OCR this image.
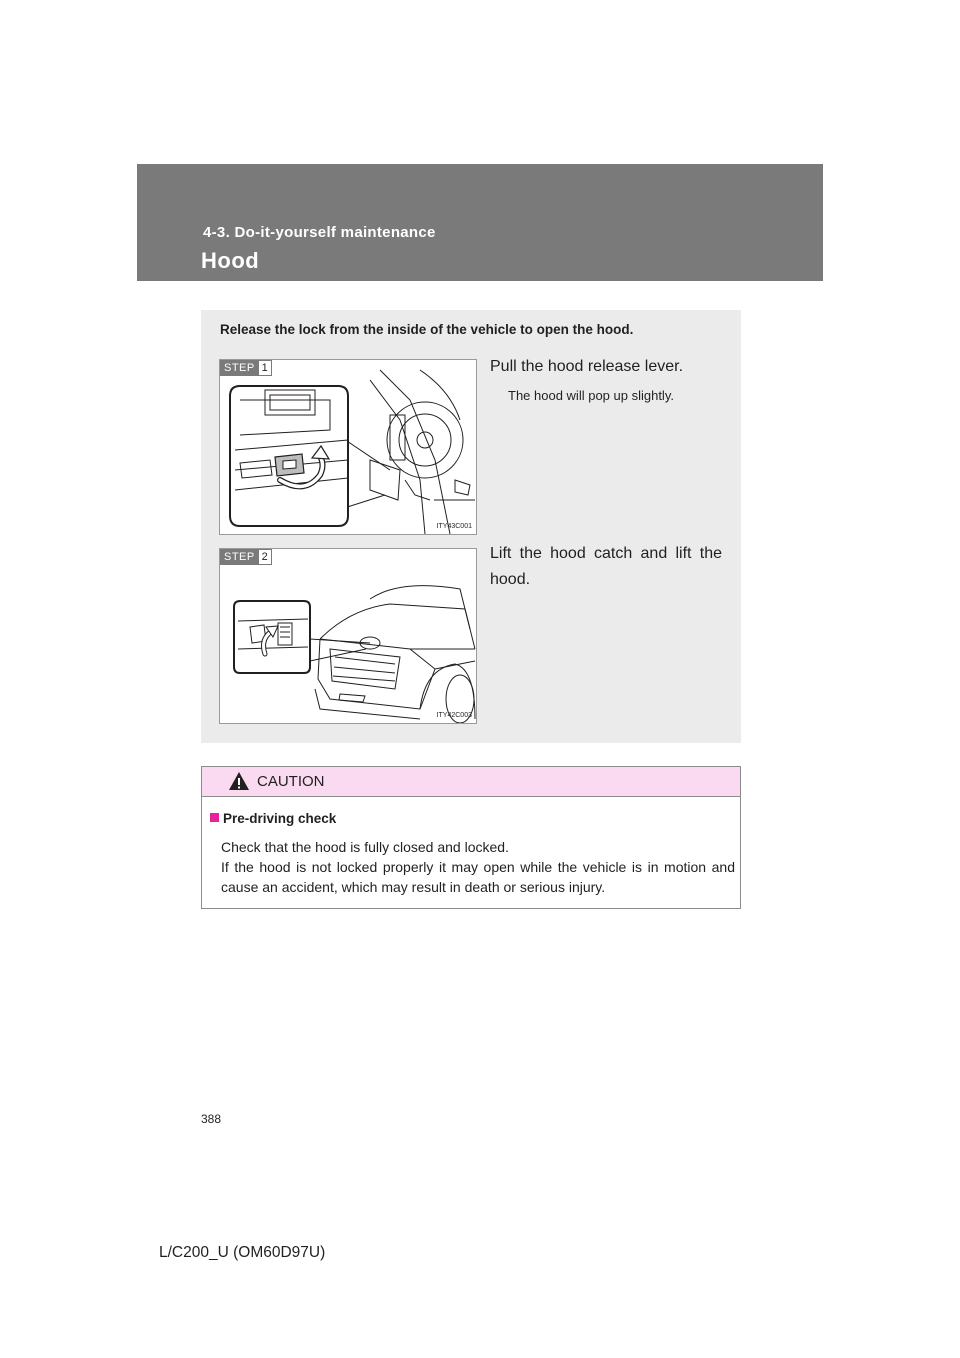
4-3. Do-it-yourself maintenance
Hood
Release the lock from the inside of the vehicle to open the hood.
STEP 1
ITY43C001
Pull the hood release lever.
The hood will pop up slightly.
STEP 2
ITY42C003
Lift the hood catch and lift the hood.
CAUTION
Pre-driving check
Check that the hood is fully closed and locked.
If the hood is not locked properly it may open while the vehicle is in motion and cause an accident, which may result in death or serious injury.
388
L/C200_U (OM60D97U)
